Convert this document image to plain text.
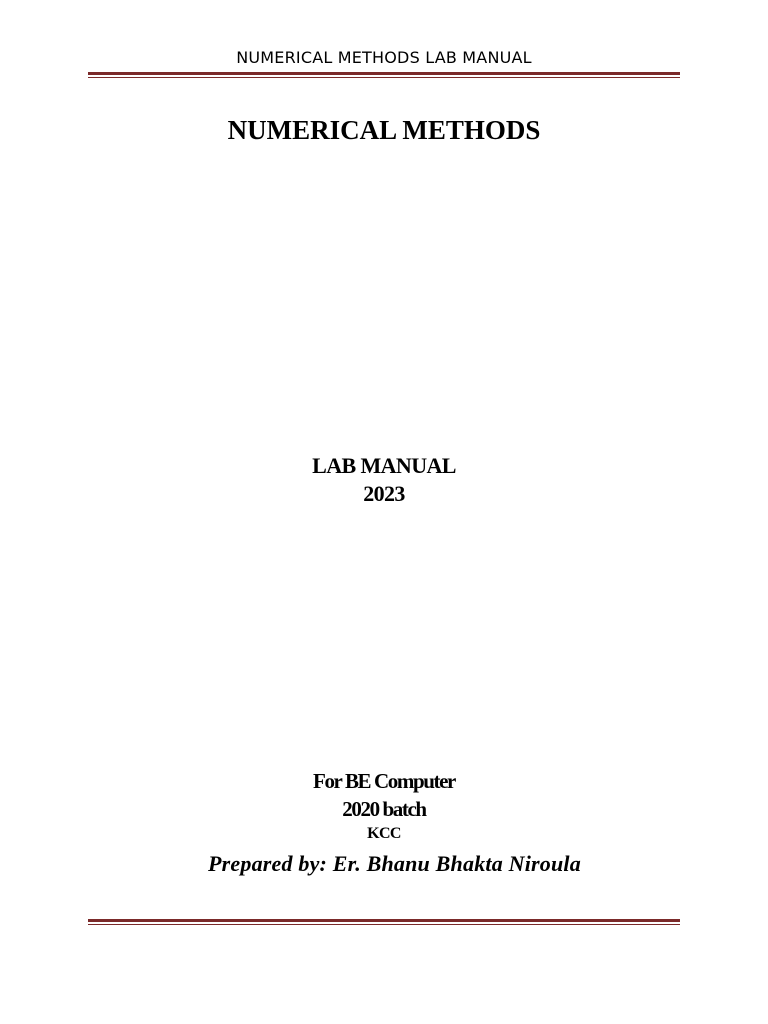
NUMERICAL METHODS LAB MANUAL
NUMERICAL METHODS
LAB MANUAL
2023
For BE Computer
2020 batch
KCC
Prepared by: Er. Bhanu Bhakta Niroula
